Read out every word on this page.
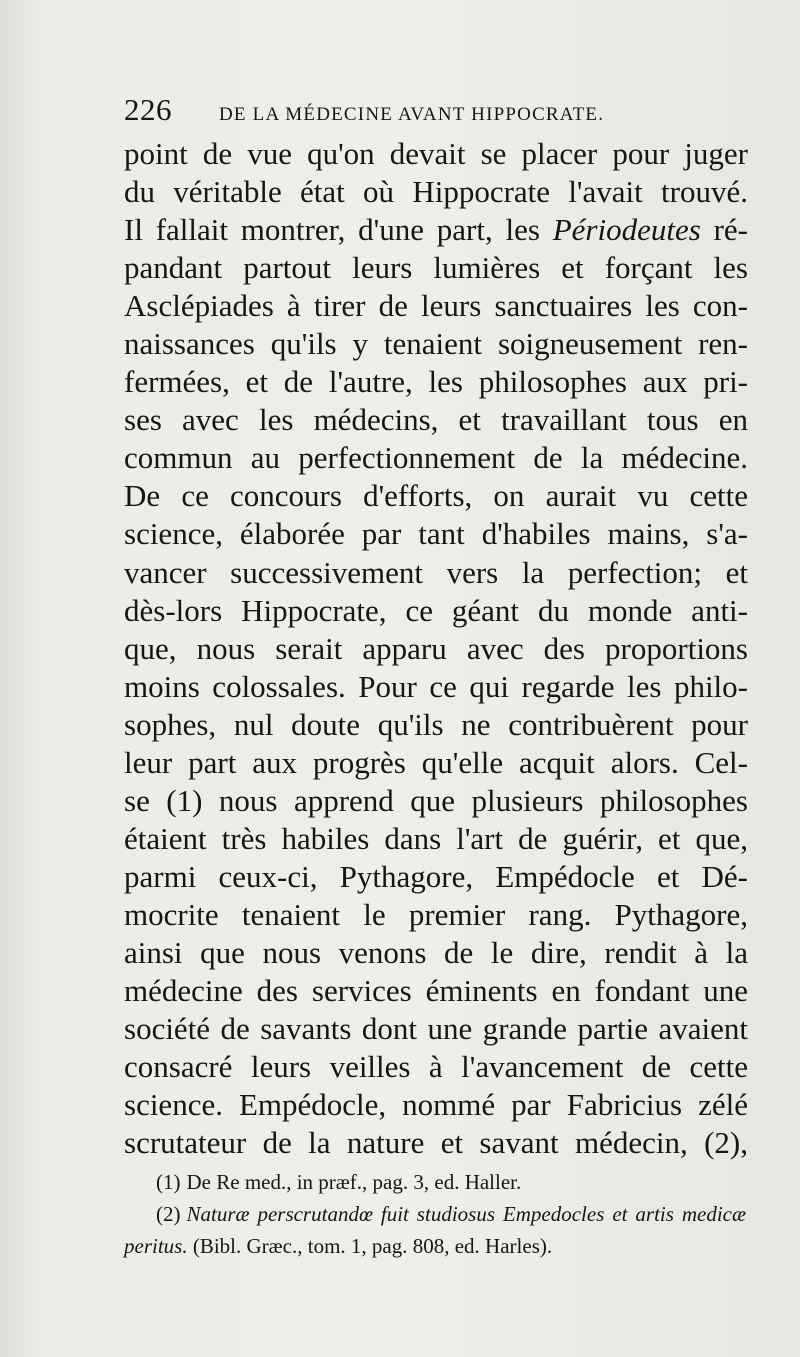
226 DE LA MÉDECINE AVANT HIPPOCRATE.
point de vue qu'on devait se placer pour juger
du véritable état où Hippocrate l'avait trouvé.
Il fallait montrer, d'une part, les Périodeutes ré-
pandant partout leurs lumières et forçant les
Asclépiades à tirer de leurs sanctuaires les con-
naissances qu'ils y tenaient soigneusement ren-
fermées, et de l'autre, les philosophes aux pri-
ses avec les médecins, et travaillant tous en
commun au perfectionnement de la médecine.
De ce concours d'efforts, on aurait vu cette
science, élaborée par tant d'habiles mains, s'a-
vancer successivement vers la perfection; et
dès-lors Hippocrate, ce géant du monde anti-
que, nous serait apparu avec des proportions
moins colossales. Pour ce qui regarde les philo-
sophes, nul doute qu'ils ne contribuèrent pour
leur part aux progrès qu'elle acquit alors. Cel-
se (1) nous apprend que plusieurs philosophes
étaient très habiles dans l'art de guérir, et que,
parmi ceux-ci, Pythagore, Empédocle et Dé-
mocrite tenaient le premier rang. Pythagore,
ainsi que nous venons de le dire, rendit à la
médecine des services éminents en fondant une
société de savants dont une grande partie avaient
consacré leurs veilles à l'avancement de cette
science. Empédocle, nommé par Fabricius zélé
scrutateur de la nature et savant médecin, (2),
(1) De Re med., in præf., pag. 3, ed. Haller.
(2) Naturæ perscrutandœ fuit studiosus Empedocles et artis medicæ
peritus. (Bibl. Græc., tom. 1, pag. 808, ed. Harles).
